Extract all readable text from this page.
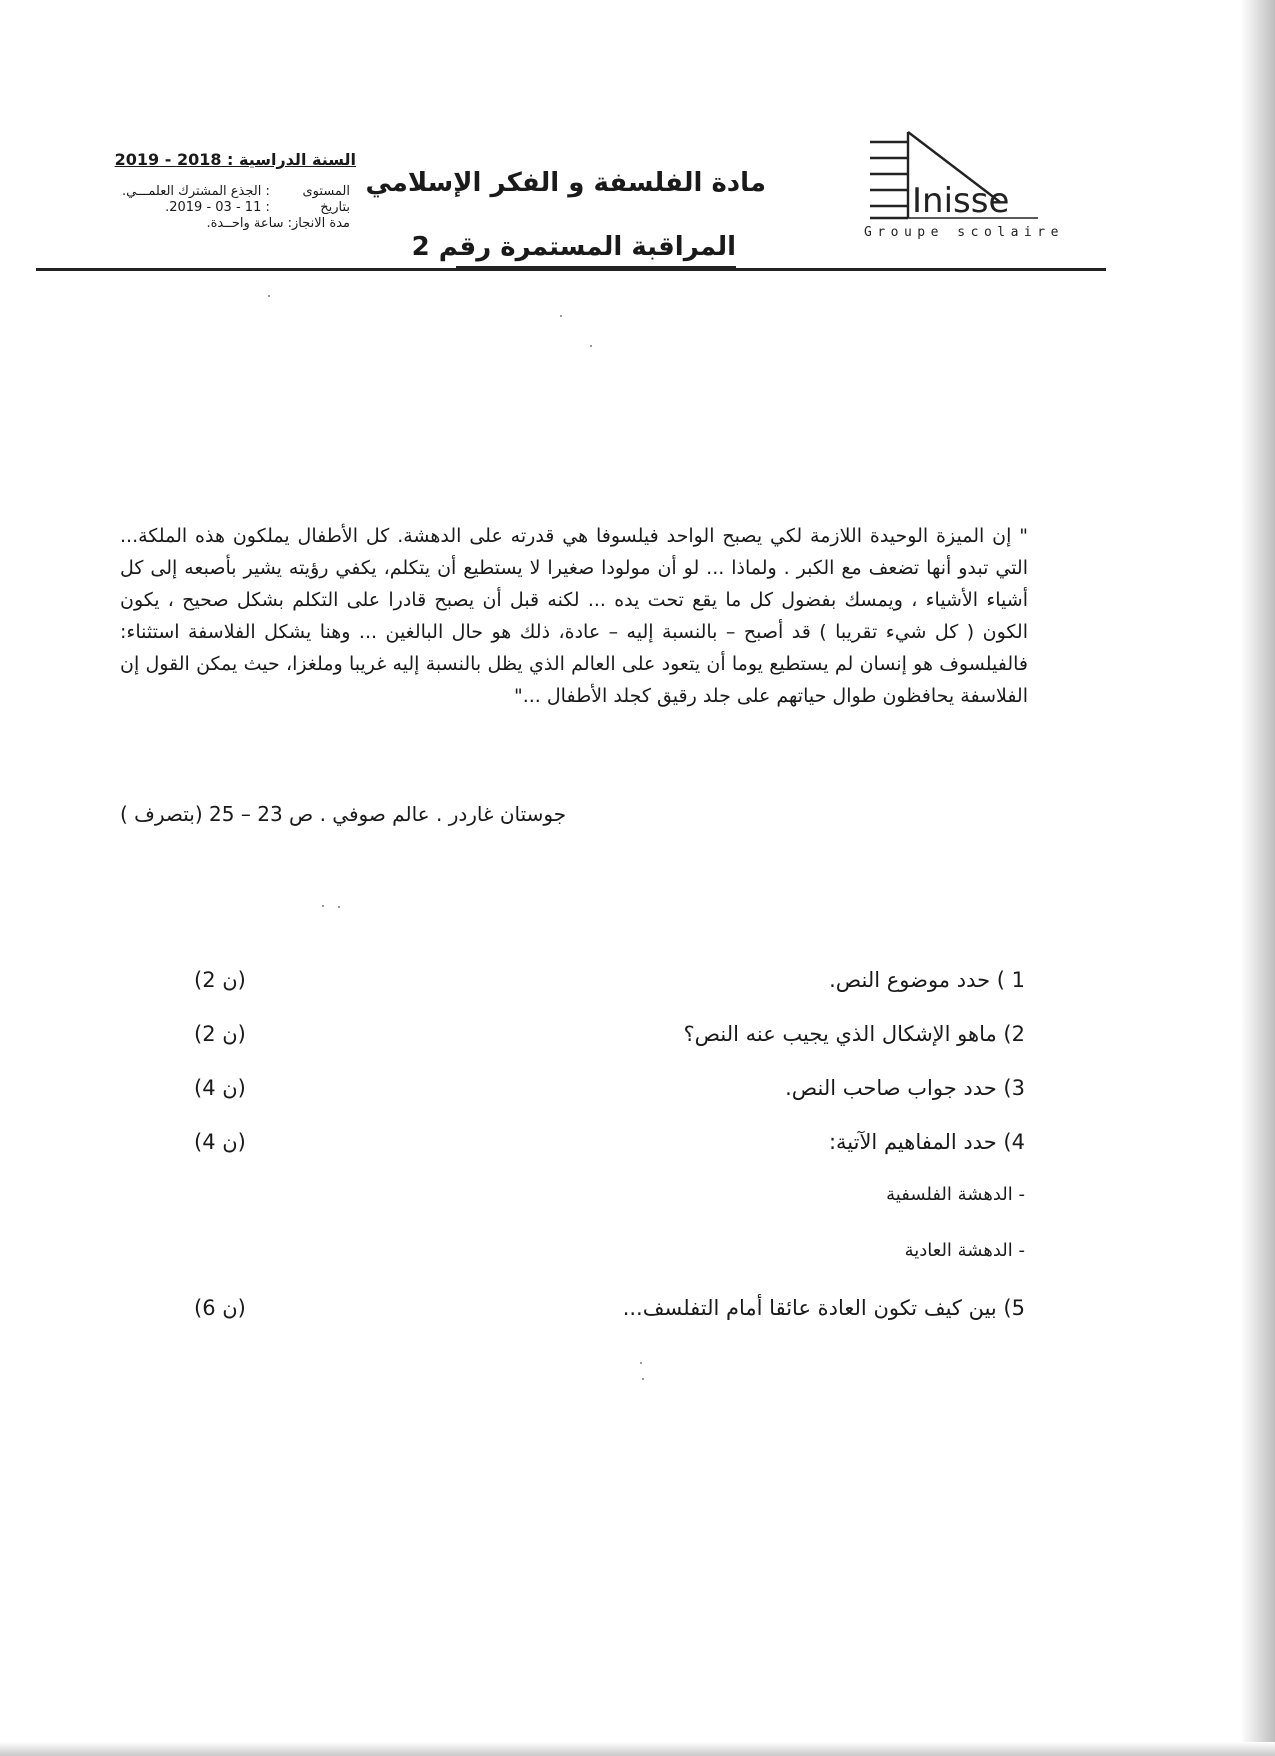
Inisse
Groupe scolaire
مادة الفلسفة و الفكر الإسلامي
المراقبة المستمرة رقم 2
السنة الدراسية : 2018 - 2019
المستوى : الجذع المشترك العلمـــي.
بتاريخ : 11 - 03 - 2019.
مدة الانجاز: ساعة واحــدة.
" إن الميزة الوحيدة اللازمة لكي يصبح الواحد فيلسوفا هي قدرته على الدهشة. كل الأطفال يملكون هذه الملكة... التي تبدو أنها تضعف مع الكبر . ولماذا ... لو أن مولودا صغيرا لا يستطيع أن يتكلم، يكفي رؤيته يشير بأصبعه إلى كل أشياء الأشياء ، ويمسك بفضول كل ما يقع تحت يده ... لكنه قبل أن يصبح قادرا على التكلم بشكل صحيح ، يكون الكون ( كل شيء تقريبا ) قد أصبح – بالنسبة إليه – عادة، ذلك هو حال البالغين ... وهنا يشكل الفلاسفة استثناء: فالفيلسوف هو إنسان لم يستطيع يوما أن يتعود على العالم الذي يظل بالنسبة إليه غريبا وملغزا، حيث يمكن القول إن الفلاسفة يحافظون طوال حياتهم على جلد رقيق كجلد الأطفال ..."
جوستان غاردر . عالم صوفي . ص 23 – 25 (بتصرف )
1 ) حدد موضوع النص.
(2 ن)
2) ماهو الإشكال الذي يجيب عنه النص؟
(2 ن)
3) حدد جواب صاحب النص.
(4 ن)
4) حدد المفاهيم الآتية:
(4 ن)
- الدهشة الفلسفية
- الدهشة العادية
5) بين كيف تكون العادة عائقا أمام التفلسف...
(6 ن)
